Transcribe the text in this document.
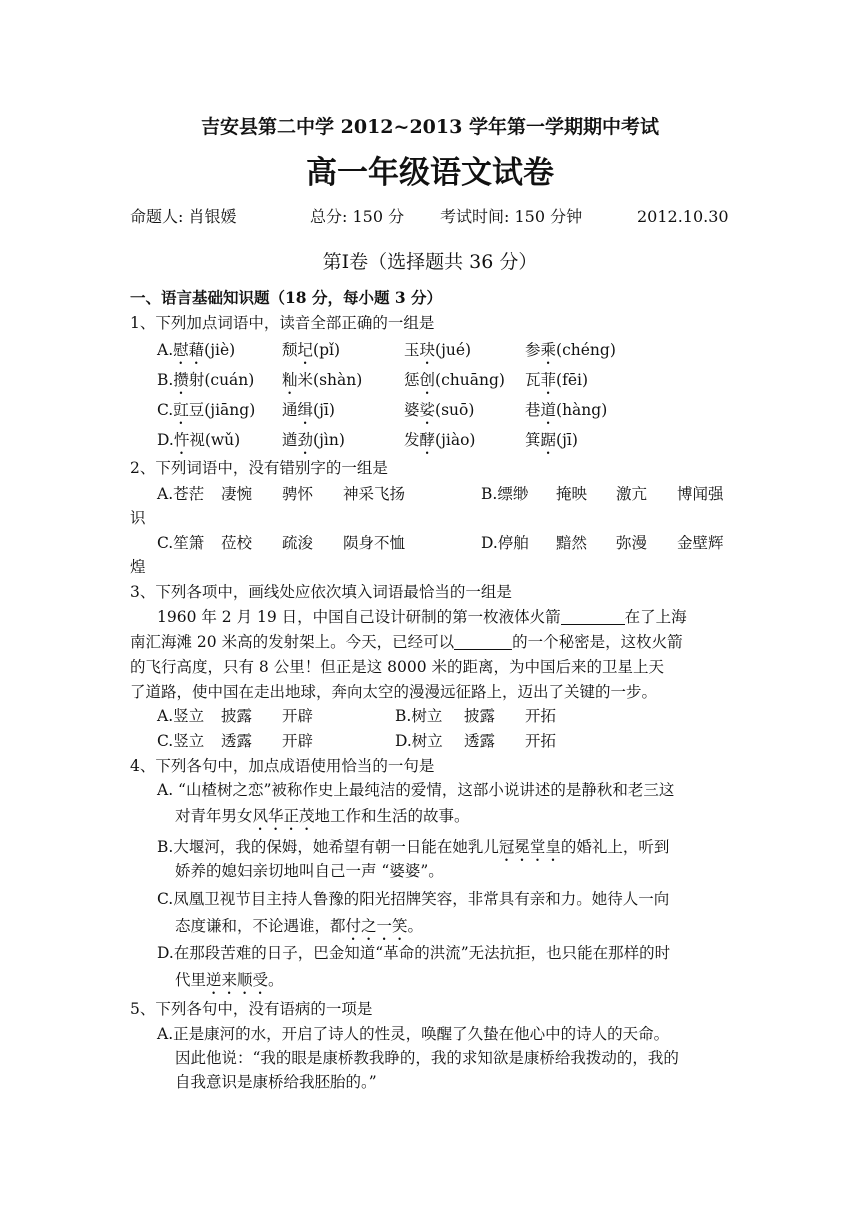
吉安县第二中学 2012~2013 学年第一学期期中考试
高一年级语文试卷
命题人: 肖银媛	总分: 150 分 考试时间: 150 分钟	2012.10.30
第Ⅰ卷（选择题共 36 分）
一、语言基础知识题（18 分，每小题 3 分）
1、下列加点词语中，读音全部正确的一组是
A.慰藉(jiè)	颓圮(pǐ)	玉玦(jué)	参乘(chéng)
B.攒射(cuán) 籼米(shàn)	惩创(chuāng) 瓦菲(fēi)
C.豇豆(jiāng) 通缉(jī)	婆娑(suō)	巷道(hàng)
D.忤视(wǔ)	遒劲(jìn)	发酵(jiào)	箕踞(jī)
2、下列词语中，没有错别字的一组是
A.苍茫 凄惋 骋怀 神采飞扬	B.缥缈 掩映 激亢 博闻强
识
C.笙箫 莅校 疏浚 陨身不恤	D.停舶 黯然 弥漫 金壁辉
煌
3、下列各项中，画线处应依次填入词语最恰当的一组是
1960 年 2 月 19 日，中国自己设计研制的第一枚液体火箭	在了上海
南汇海滩 20 米高的发射架上。今天，已经可以	的一个秘密是，这枚火箭
的飞行高度，只有 8 公里！但正是这 8000 米的距离，为中国后来的卫星上天
了道路，使中国在走出地球，奔向太空的漫漫远征路上，迈出了关键的一步。
A.竖立 披露 开辟	B.树立 披露 开拓
C.竖立 透露 开辟	D.树立 透露 开拓
4、下列各句中，加点成语使用恰当的一句是
A. “山楂树之恋”被称作史上最纯洁的爱情，这部小说讲述的是静秋和老三这
对青年男女风华正茂地工作和生活的故事。
B.大堰河，我的保姆，她希望有朝一日能在她乳儿冠冕堂皇的婚礼上，听到
娇养的媳妇亲切地叫自己一声 “婆婆”。
C.凤凰卫视节目主持人鲁豫的阳光招牌笑容，非常具有亲和力。她待人一向
态度谦和，不论遇谁，都付之一笑。
D.在那段苦难的日子，巴金知道“革命的洪流”无法抗拒，也只能在那样的时
代里逆来顺受。
5、下列各句中，没有语病的一项是
A.正是康河的水，开启了诗人的性灵，唤醒了久蛰在他心中的诗人的天命。
因此他说：“我的眼是康桥教我睁的，我的求知欲是康桥给我拨动的，我的
自我意识是康桥给我胚胎的。”
